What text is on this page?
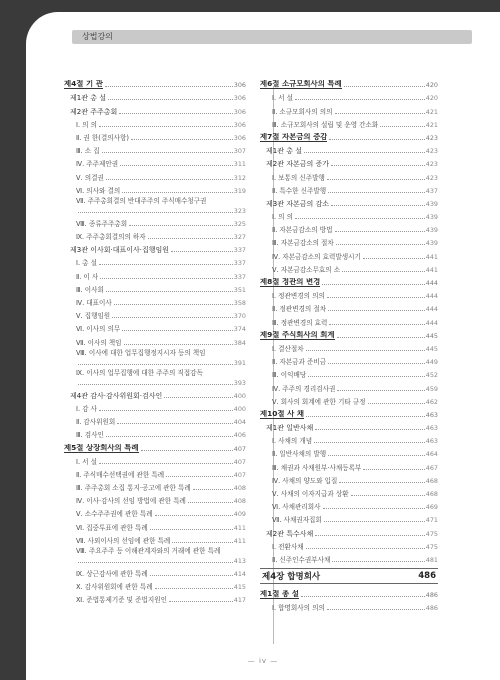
상법강의
— iv —
제4절 기 관	306
제1관 총 설	306
제2관 주주총회	306
Ⅰ. 의 의	306
Ⅱ. 권 한(결의사항)	306
Ⅲ. 소 집	307
Ⅳ. 주주제안권	311
Ⅴ. 의결권	312
Ⅵ. 의사와 결의	319
Ⅶ. 주주총회결의 반대주주의 주식매수청구권
323
Ⅷ. 종류주주총회	325
Ⅸ. 주주총회결의의 하자	327
제3관 이사회·대표이사·집행임원	337
Ⅰ. 총 설	337
Ⅱ. 이 사	337
Ⅲ. 이사회	351
Ⅳ. 대표이사	358
Ⅴ. 집행임원	370
Ⅵ. 이사의 의무	374
Ⅶ. 이사의 책임	384
Ⅷ. 이사에 대한 업무집행정지시자 등의 책임
391
Ⅸ. 이사의 업무집행에 대한 주주의 직접감독
393
제4관 감사·감사위원회·검사인	400
Ⅰ. 감 사	400
Ⅱ. 감사위원회	404
Ⅲ. 검사인	406
제5절 상장회사의 특례	407
Ⅰ. 서 설	407
Ⅱ. 주식매수선택권에 관한 특례	407
Ⅲ. 주주총회 소집 통지·공고에 관한 특례	408
Ⅳ. 이사·감사의 선임 방법에 관한 특례	408
Ⅴ. 소수주주권에 관한 특례	409
Ⅵ. 집중투표에 관한 특례	411
Ⅶ. 사외이사의 선임에 관한 특례	411
Ⅷ. 주요주주 등 이해관계자와의 거래에 관한 특례
413
Ⅸ. 상근감사에 관한 특례	414
Ⅹ. 감사위원회에 관한 특례	415
Ⅺ. 준법통제기준 및 준법지원인	417
제6절 소규모회사의 특례	420
Ⅰ. 서 설	420
Ⅱ. 소규모회사의 의의	421
Ⅲ. 소규모회사의 설립 및 운영 간소화	421
제7절 자본금의 증감	423
제1관 총 설	423
제2관 자본금의 증가	423
Ⅰ. 보통의 신주발행	423
Ⅱ. 특수한 신주발행	437
제3관 자본금의 감소	439
Ⅰ. 의 의	439
Ⅱ. 자본금감소의 방법	439
Ⅲ. 자본금감소의 절차	439
Ⅳ. 자본금감소의 효력발생시기	441
Ⅴ. 자본금감소무효의 소	441
제8절 정관의 변경	444
Ⅰ. 정관변경의 의의	444
Ⅱ. 정관변경의 절차	444
Ⅲ. 정관변경의 효력	444
제9절 주식회사의 회계	445
Ⅰ. 결산절차	445
Ⅱ. 자본금과 준비금	449
Ⅲ. 이익배당	452
Ⅳ. 주주의 경리검사권	459
Ⅴ. 회사의 회계에 관한 기타 규정	462
제10절 사 채	463
제1관 일반사채	463
Ⅰ. 사채의 개념	463
Ⅱ. 일반사채의 발행	464
Ⅲ. 채권과 사채원부·사채등록부	467
Ⅳ. 사채의 양도와 입질	468
Ⅴ. 사채의 이자지급과 상환	468
Ⅵ. 사채관리회사	469
Ⅶ. 사채권자집회	471
제2관 특수사채	475
Ⅰ. 전환사채	475
Ⅱ. 신주인수권부사채	481
제4장 합명회사	486
제1절 총 설	486
Ⅰ. 합명회사의 의의	486
